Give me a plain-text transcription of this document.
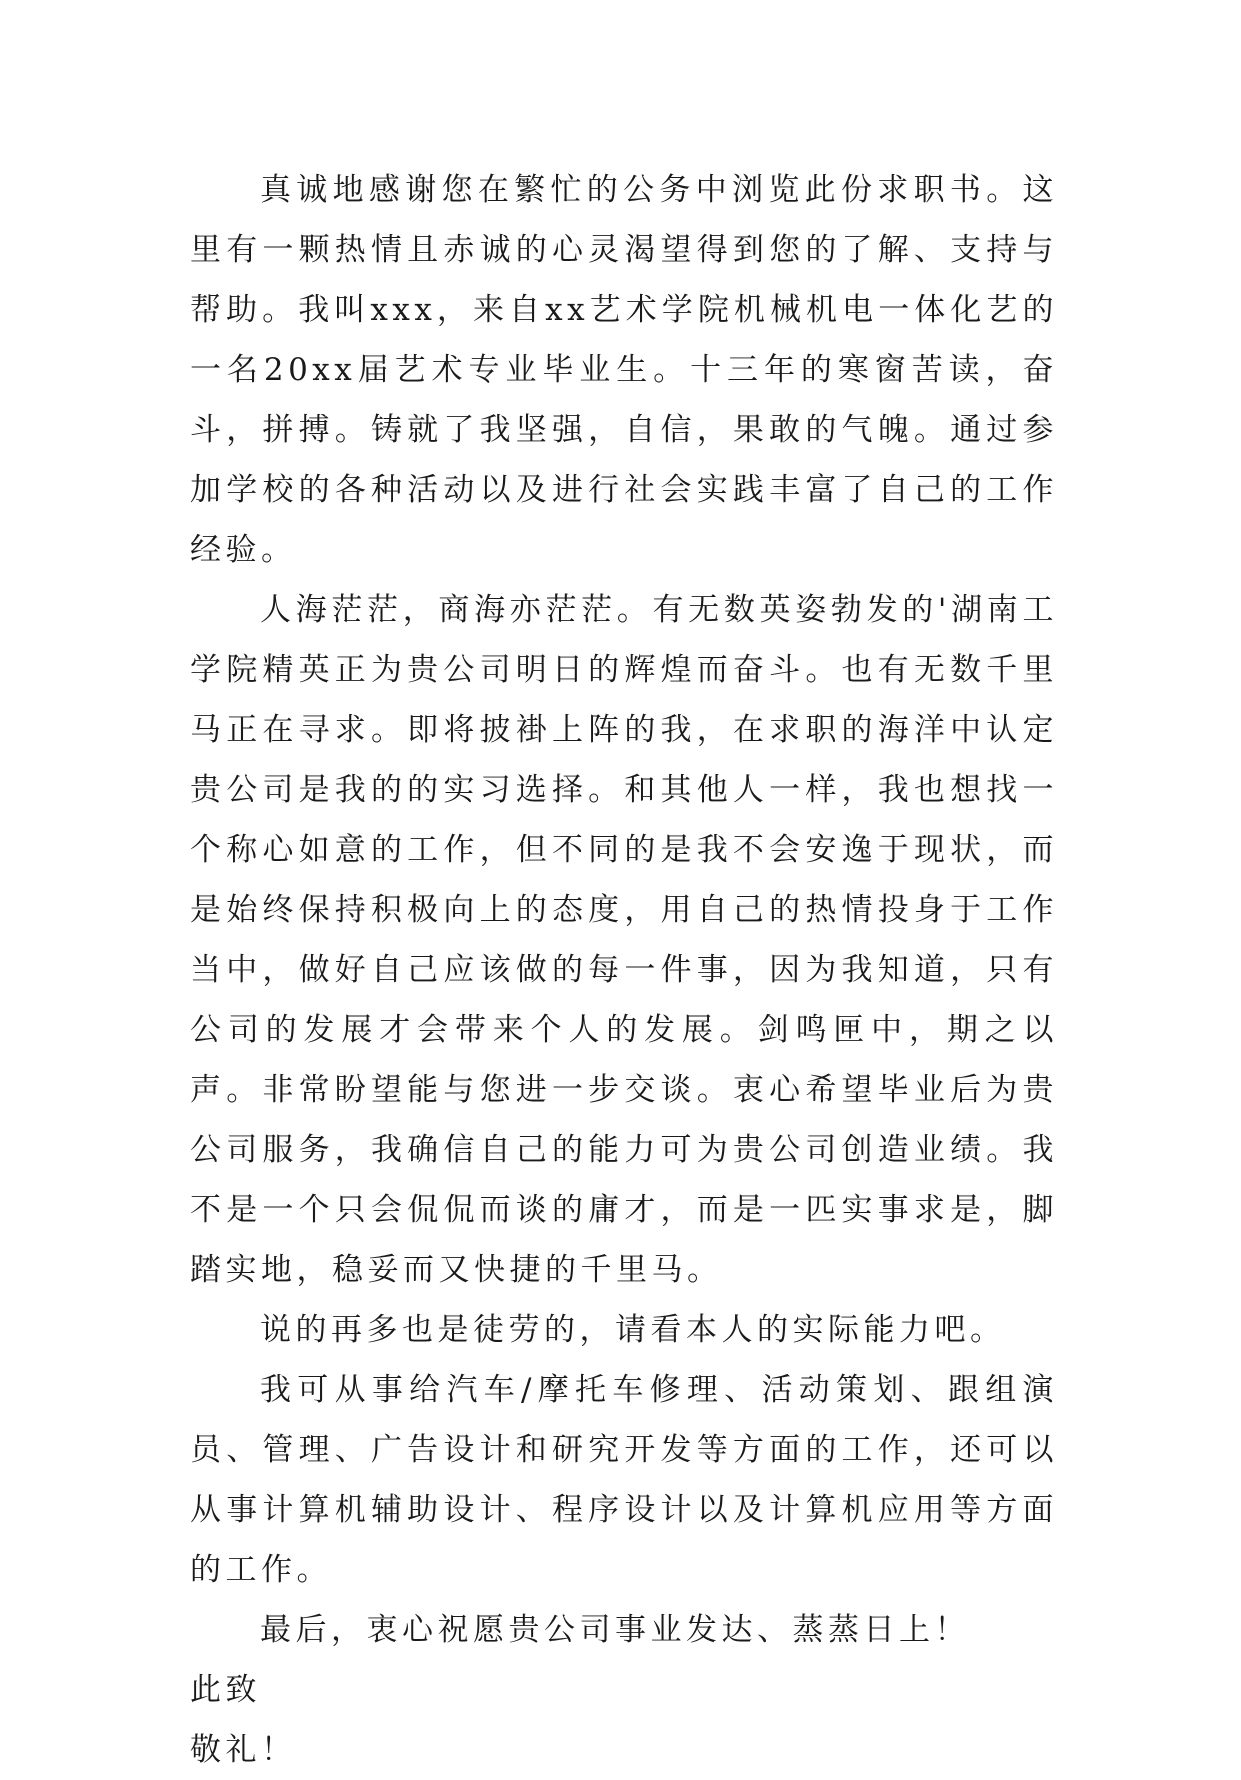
真诚地感谢您在繁忙的公务中浏览此份求职书。这里有一颗热情且赤诚的心灵渴望得到您的了解、支持与帮助。我叫xxx，来自xx艺术学院机械机电一体化艺的一名20xx届艺术专业毕业生。十三年的寒窗苦读，奋斗，拼搏。铸就了我坚强，自信，果敢的气魄。通过参加学校的各种活动以及进行社会实践丰富了自己的工作经验。

人海茫茫，商海亦茫茫。有无数英姿勃发的'湖南工学院精英正为贵公司明日的辉煌而奋斗。也有无数千里马正在寻求。即将披褂上阵的我，在求职的海洋中认定贵公司是我的的实习选择。和其他人一样，我也想找一个称心如意的工作，但不同的是我不会安逸于现状，而是始终保持积极向上的态度，用自己的热情投身于工作当中，做好自己应该做的每一件事，因为我知道，只有公司的发展才会带来个人的发展。剑鸣匣中，期之以声。非常盼望能与您进一步交谈。衷心希望毕业后为贵公司服务，我确信自己的能力可为贵公司创造业绩。我不是一个只会侃侃而谈的庸才，而是一匹实事求是，脚踏实地，稳妥而又快捷的千里马。

说的再多也是徒劳的，请看本人的实际能力吧。

我可从事给汽车/摩托车修理、活动策划、跟组演员、管理、广告设计和研究开发等方面的工作，还可以从事计算机辅助设计、程序设计以及计算机应用等方面的工作。

最后，衷心祝愿贵公司事业发达、蒸蒸日上！

此致

敬礼！
